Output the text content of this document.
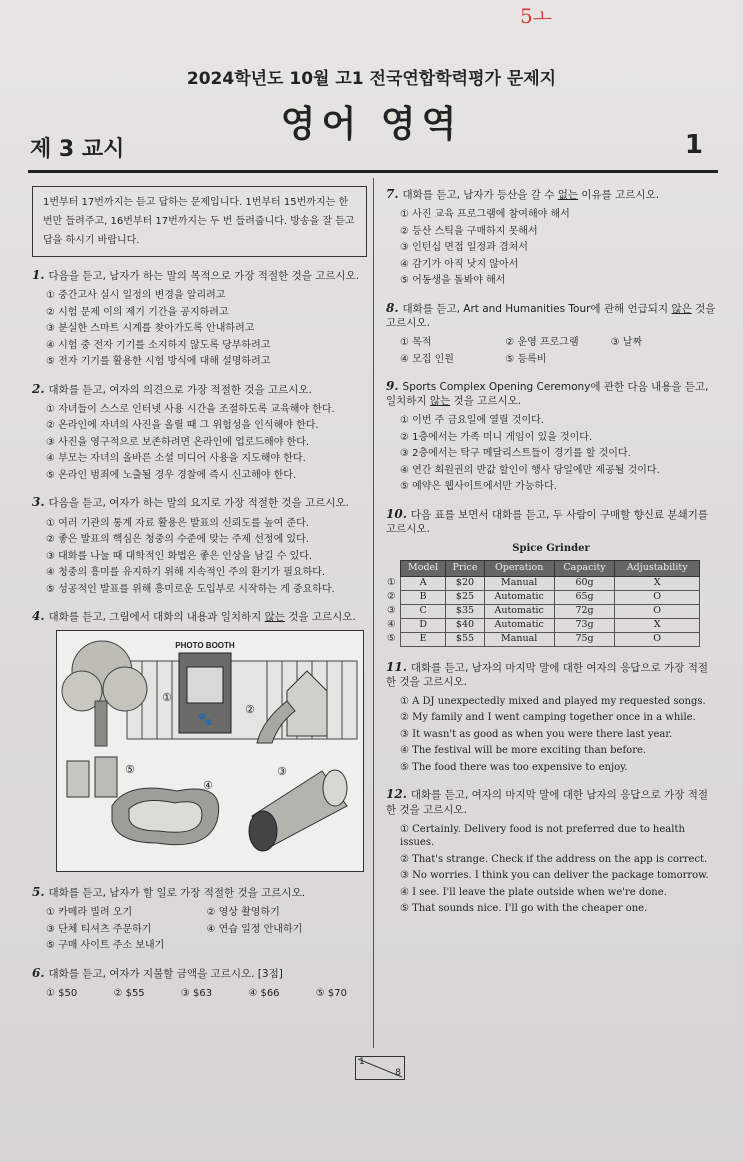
5ㅗ
2024학년도 10월 고1 전국연합학력평가 문제지
영어 영역
제 3 교시	1
1번부터 17번까지는 듣고 답하는 문제입니다. 1번부터 15번까지는 한 번만 들려주고, 16번부터 17번까지는 두 번 들려줍니다. 방송을 잘 듣고 답을 하시기 바랍니다.
1. 다음을 듣고, 남자가 하는 말의 목적으로 가장 적절한 것을 고르시오.
① 중간고사 실시 일정의 변경을 알리려고
② 시험 문제 이의 제기 기간을 공지하려고
③ 분실한 스마트 시계를 찾아가도록 안내하려고
④ 시험 중 전자 기기를 소지하지 않도록 당부하려고
⑤ 전자 기기를 활용한 시험 방식에 대해 설명하려고
2. 대화를 듣고, 여자의 의견으로 가장 적절한 것을 고르시오.
① 자녀들이 스스로 인터넷 사용 시간을 조절하도록 교육해야 한다.
② 온라인에 자녀의 사진을 올릴 때 그 위험성을 인식해야 한다.
③ 사진을 영구적으로 보존하려면 온라인에 업로드해야 한다.
④ 부모는 자녀의 올바른 소셜 미디어 사용을 지도해야 한다.
⑤ 온라인 범죄에 노출될 경우 경찰에 즉시 신고해야 한다.
3. 다음을 듣고, 여자가 하는 말의 요지로 가장 적절한 것을 고르시오.
① 여러 기관의 통계 자료 활용은 발표의 신뢰도를 높여 준다.
② 좋은 발표의 핵심은 청중의 수준에 맞는 주제 선정에 있다.
③ 대화를 나눌 때 대학적인 화법은 좋은 인상을 남길 수 있다.
④ 청중의 흥미를 유지하기 위해 지속적인 주의 환기가 필요하다.
⑤ 성공적인 발표를 위해 흥미로운 도입부로 시작하는 게 중요하다.
4. 대화를 듣고, 그림에서 대화의 내용과 일치하지 않는 것을 고르시오.
PHOTO BOOTH
🐾
①
②
⑤
④
③
5. 대화를 듣고, 남자가 할 일로 가장 적절한 것을 고르시오.
① 카메라 빌려 오기	② 영상 촬영하기
③ 단체 티셔츠 주문하기	④ 연습 일정 안내하기
⑤ 구매 사이트 주소 보내기
6. 대화를 듣고, 여자가 지불할 금액을 고르시오. [3점]
① $50	② $55	③ $63	④ $66	⑤ $70
7. 대화를 듣고, 남자가 등산을 갈 수 없는 이유를 고르시오.
① 사진 교육 프로그램에 참여해야 해서
② 등산 스틱을 구매하지 못해서
③ 인턴십 면접 일정과 겹쳐서
④ 감기가 아직 낫지 않아서
⑤ 어동생을 돌봐야 해서
8. 대화를 듣고, Art and Humanities Tour에 관해 언급되지 않은 것을 고르시오.
① 목적	② 운영 프로그램	③ 날짜
④ 모집 인원	⑤ 등록비
9. Sports Complex Opening Ceremony에 관한 다음 내용을 듣고, 일치하지 않는 것을 고르시오.
① 이번 주 금요일에 열릴 것이다.
② 1층에서는 가족 미니 게임이 있을 것이다.
③ 2층에서는 탁구 메달리스트들이 경기를 할 것이다.
④ 연간 회원권의 반값 할인이 행사 당일에만 제공될 것이다.
⑤ 예약은 웹사이트에서만 가능하다.
10. 다음 표를 보면서 대화를 듣고, 두 사람이 구매할 향신료 분쇄기를 고르시오.
Spice Grinder
Model	Price	Operation	Capacity	Adjustability

① A	$20	Manual	60g	X

② B	$25	Automatic	65g	O

③ C	$35	Automatic	72g	O

④ D	$40	Automatic	73g	X

⑤ E	$55	Manual	75g	O
11. 대화를 듣고, 남자의 마지막 말에 대한 여자의 응답으로 가장 적절한 것을 고르시오.
① A DJ unexpectedly mixed and played my requested songs.
② My family and I went camping together once in a while.
③ It wasn't as good as when you were there last year.
④ The festival will be more exciting than before.
⑤ The food there was too expensive to enjoy.
12. 대화를 듣고, 여자의 마지막 말에 대한 남자의 응답으로 가장 적절한 것을 고르시오.
① Certainly. Delivery food is not preferred due to health issues.
② That's strange. Check if the address on the app is correct.
③ No worries. I think you can deliver the package tomorrow.
④ I see. I'll leave the plate outside when we're done.
⑤ That sounds nice. I'll go with the cheaper one.
1
8
